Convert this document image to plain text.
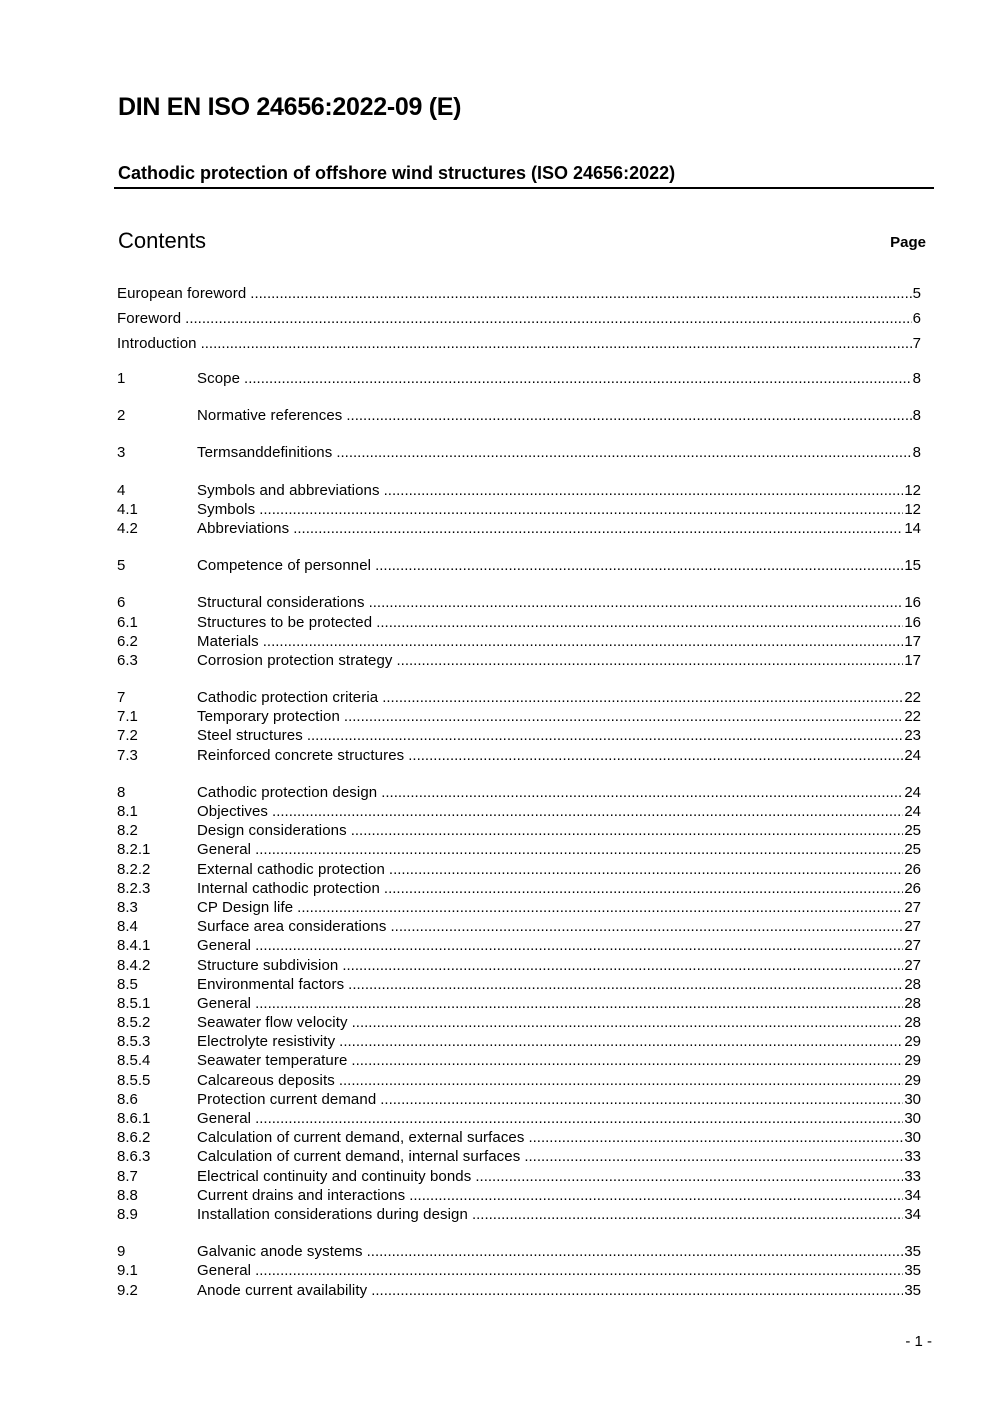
DIN EN ISO 24656:2022-09 (E)
Cathodic protection of offshore wind structures (ISO 24656:2022)
Contents	Page
European foreword .....	5
Foreword .....	6
Introduction .....	7
1	Scope .....	8
2	Normative references .....	8
3	Termsanddefinitions .....	8
4	Symbols and abbreviations .....	12
4.1	Symbols .....	12
4.2	Abbreviations .....	14
5	Competence of personnel .....	15
6	Structural considerations .....	16
6.1	Structures to be protected .....	16
6.2	Materials .....	17
6.3	Corrosion protection strategy .....	17
7	Cathodic protection criteria .....	22
7.1	Temporary protection .....	22
7.2	Steel structures .....	23
7.3	Reinforced concrete structures .....	24
8	Cathodic protection design .....	24
8.1	Objectives .....	24
8.2	Design considerations .....	25
8.2.1	General .....	25
8.2.2	External cathodic protection .....	26
8.2.3	Internal cathodic protection .....	26
8.3	CP Design life .....	27
8.4	Surface area considerations .....	27
8.4.1	General .....	27
8.4.2	Structure subdivision .....	27
8.5	Environmental factors .....	28
8.5.1	General .....	28
8.5.2	Seawater flow velocity .....	28
8.5.3	Electrolyte resistivity .....	29
8.5.4	Seawater temperature .....	29
8.5.5	Calcareous deposits .....	29
8.6	Protection current demand .....	30
8.6.1	General .....	30
8.6.2	Calculation of current demand, external surfaces .....	30
8.6.3	Calculation of current demand, internal surfaces .....	33
8.7	Electrical continuity and continuity bonds .....	33
8.8	Current drains and interactions .....	34
8.9	Installation considerations during design .....	34
9	Galvanic anode systems .....	35
9.1	General .....	35
9.2	Anode current availability .....	35
- 1 -
